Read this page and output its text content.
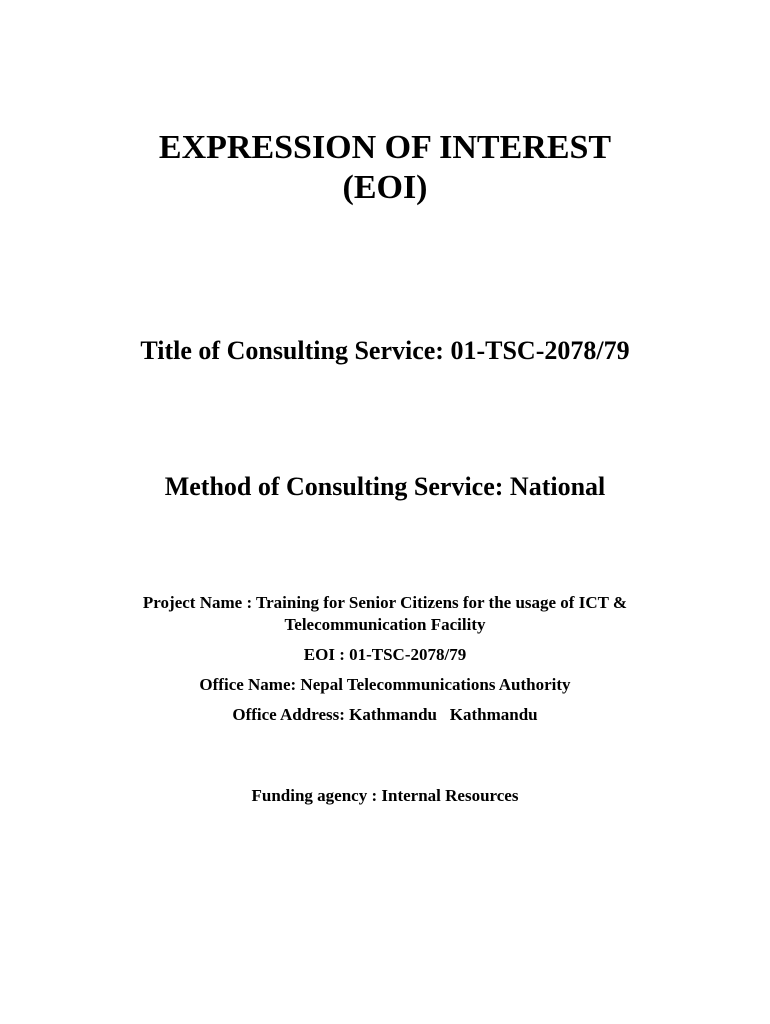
EXPRESSION OF INTEREST
(EOI)
Title of Consulting Service: 01-TSC-2078/79
Method of Consulting Service: National
Project Name : Training for Senior Citizens for the usage of ICT &
Telecommunication Facility
EOI : 01-TSC-2078/79
Office Name: Nepal Telecommunications Authority
Office Address: Kathmandu Kathmandu
Funding agency : Internal Resources
